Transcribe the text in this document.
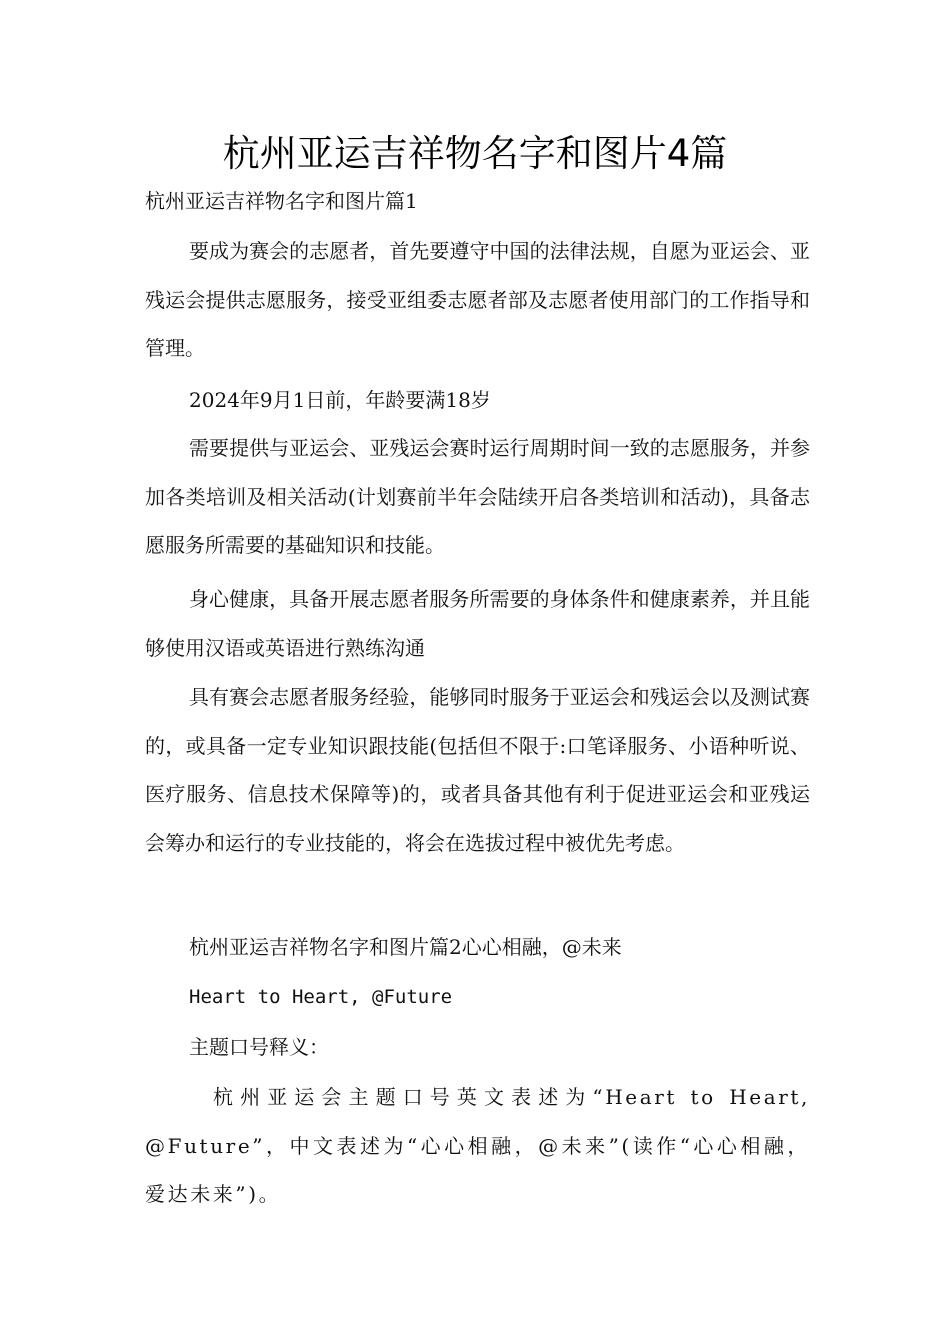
杭州亚运吉祥物名字和图片4篇
杭州亚运吉祥物名字和图片篇1

要成为赛会的志愿者，首先要遵守中国的法律法规，自愿为亚运会、亚残运会提供志愿服务，接受亚组委志愿者部及志愿者使用部门的工作指导和管理。

2024年9月1日前，年龄要满18岁

需要提供与亚运会、亚残运会赛时运行周期时间一致的志愿服务，并参加各类培训及相关活动(计划赛前半年会陆续开启各类培训和活动)，具备志愿服务所需要的基础知识和技能。

身心健康，具备开展志愿者服务所需要的身体条件和健康素养，并且能够使用汉语或英语进行熟练沟通

具有赛会志愿者服务经验，能够同时服务于亚运会和残运会以及测试赛的，或具备一定专业知识跟技能(包括但不限于:口笔译服务、小语种听说、医疗服务、信息技术保障等)的，或者具备其他有利于促进亚运会和亚残运会筹办和运行的专业技能的，将会在选拔过程中被优先考虑。

杭州亚运吉祥物名字和图片篇2心心相融，@未来
Heart to Heart, @Future
主题口号释义：

杭州亚运会主题口号英文表述为“Heart to Heart, @Future”，中文表述为“心心相融，@未来”(读作“心心相融，爱达未来”)。
